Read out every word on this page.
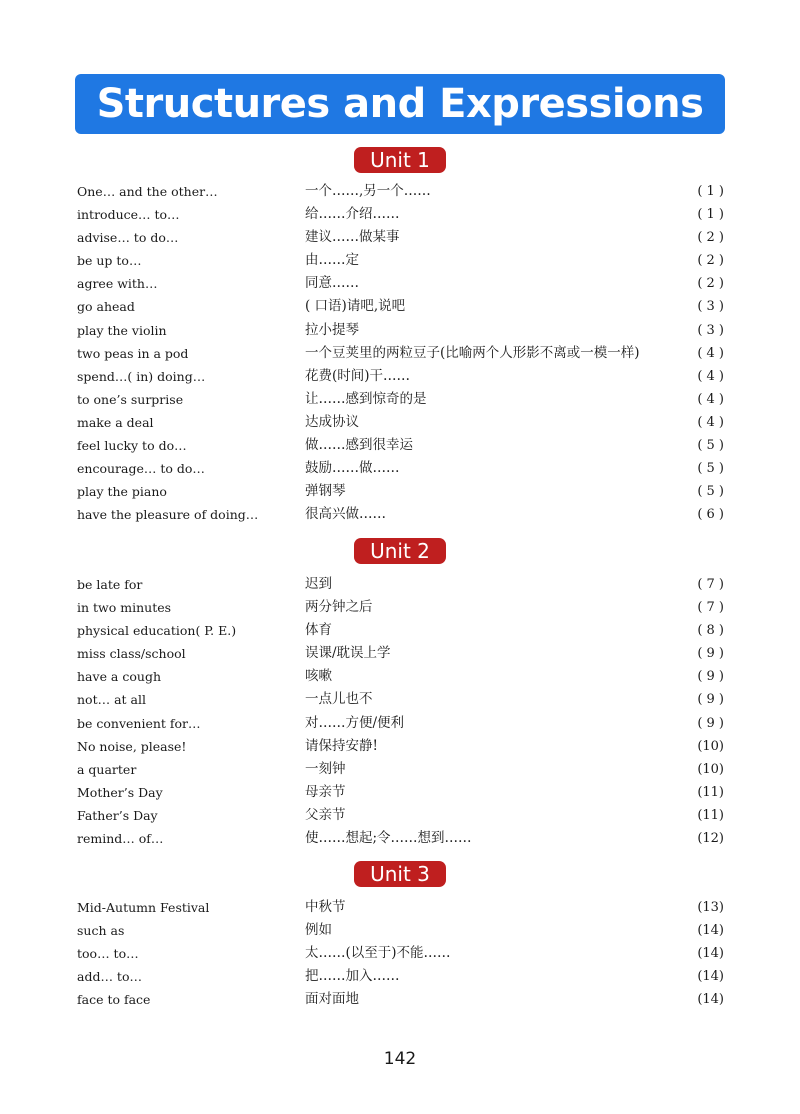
Structures and Expressions
Unit 1
One… and the other…	一个……,另一个……	( 1 )
introduce… to…	给……介绍……	( 1 )
advise… to do…	建议……做某事	( 2 )
be up to…	由……定	( 2 )
agree with…	同意……	( 2 )
go ahead	( 口语)请吧,说吧	( 3 )
play the violin	拉小提琴	( 3 )
two peas in a pod	一个豆荚里的两粒豆子(比喻两个人形影不离或一模一样)	( 4 )
spend…( in) doing…	花费(时间)干……	( 4 )
to one’s surprise	让……感到惊奇的是	( 4 )
make a deal	达成协议	( 4 )
feel lucky to do…	做……感到很幸运	( 5 )
encourage… to do…	鼓励……做……	( 5 )
play the piano	弹钢琴	( 5 )
have the pleasure of doing…	很高兴做……	( 6 )
Unit 2
be late for	迟到	( 7 )
in two minutes	两分钟之后	( 7 )
physical education( P. E.)	体育	( 8 )
miss class/school	误课/耽误上学	( 9 )
have a cough	咳嗽	( 9 )
not… at all	一点儿也不	( 9 )
be convenient for…	对……方便/便利	( 9 )
No noise, please!	请保持安静!	(10)
a quarter	一刻钟	(10)
Mother’s Day	母亲节	(11)
Father’s Day	父亲节	(11)
remind… of…	使……想起;令……想到……	(12)
Unit 3
Mid-Autumn Festival	中秋节	(13)
such as	例如	(14)
too… to…	太……(以至于)不能……	(14)
add… to…	把……加入……	(14)
face to face	面对面地	(14)
142
